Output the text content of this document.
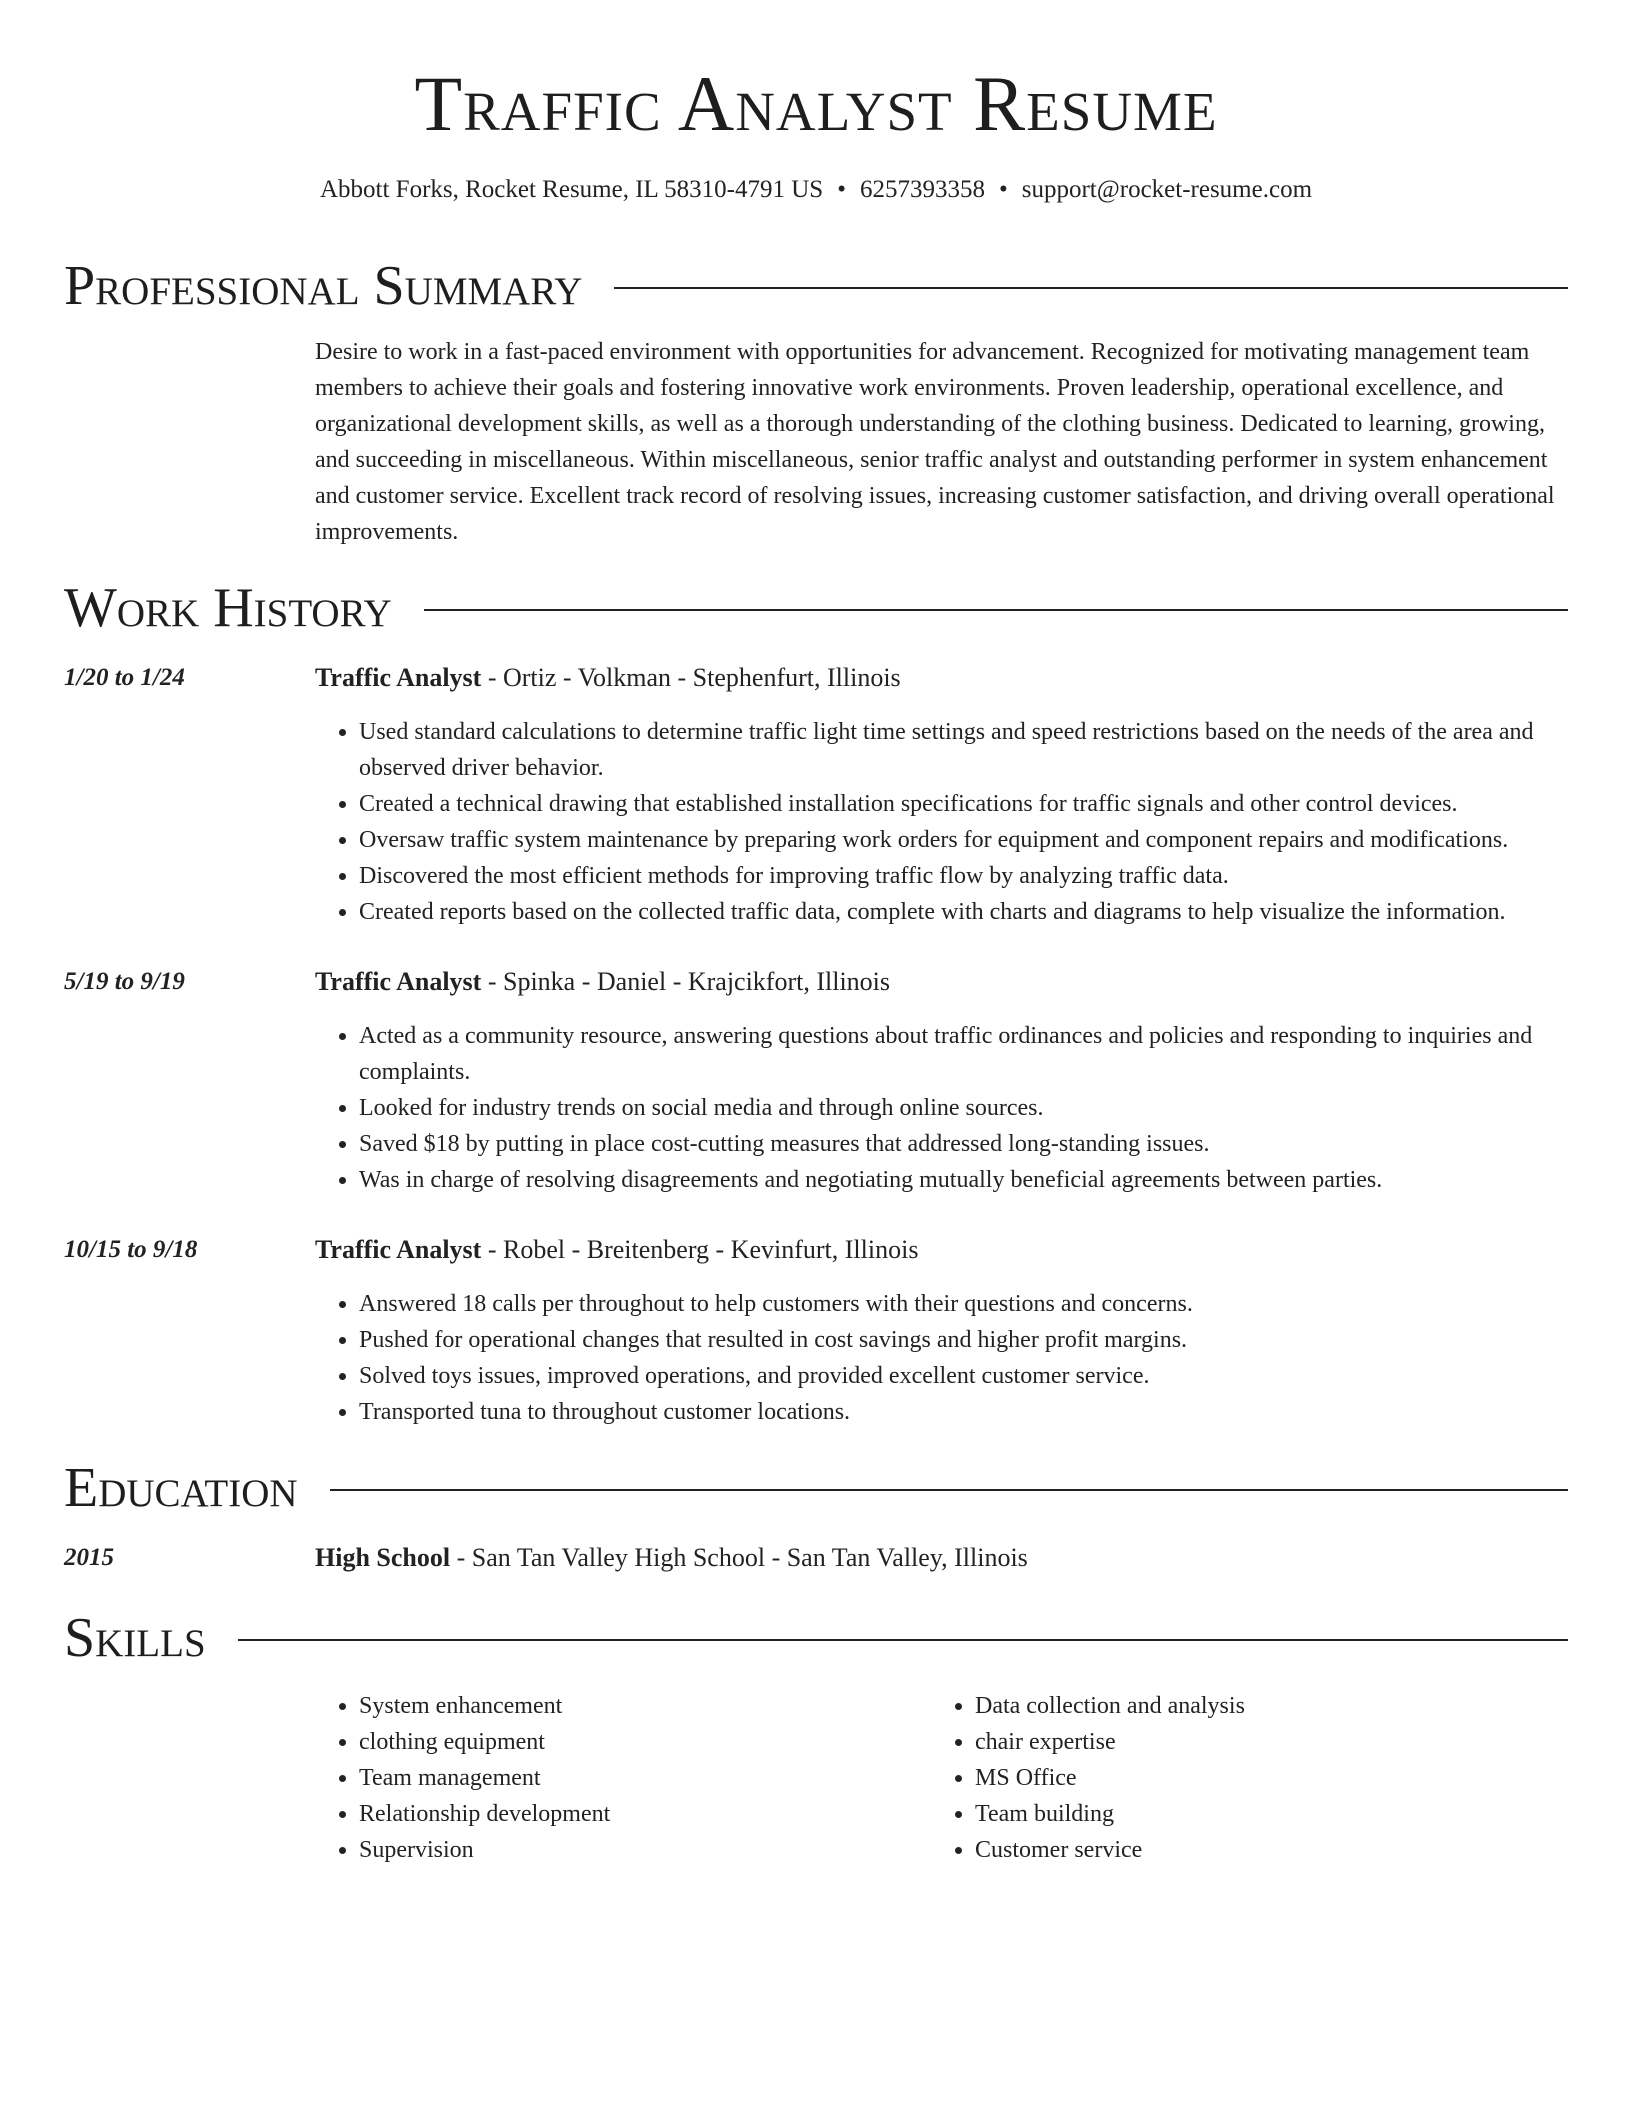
Traffic Analyst Resume
Abbott Forks, Rocket Resume, IL 58310-4791 US • 6257393358 • support@rocket-resume.com
Professional Summary

Desire to work in a fast-paced environment with opportunities for advancement. Recognized for motivating management team members to achieve their goals and fostering innovative work environments. Proven leadership, operational excellence, and organizational development skills, as well as a thorough understanding of the clothing business. Dedicated to learning, growing, and succeeding in miscellaneous. Within miscellaneous, senior traffic analyst and outstanding performer in system enhancement and customer service. Excellent track record of resolving issues, increasing customer satisfaction, and driving overall operational improvements.

Work History
1/20 to 1/24	Traffic Analyst - Ortiz - Volkman - Stephenfurt, Illinois
• Used standard calculations to determine traffic light time settings and speed restrictions based on the needs of the area and observed driver behavior.
• Created a technical drawing that established installation specifications for traffic signals and other control devices.
• Oversaw traffic system maintenance by preparing work orders for equipment and component repairs and modifications.
• Discovered the most efficient methods for improving traffic flow by analyzing traffic data.
• Created reports based on the collected traffic data, complete with charts and diagrams to help visualize the information.
5/19 to 9/19	Traffic Analyst - Spinka - Daniel - Krajcikfort, Illinois
• Acted as a community resource, answering questions about traffic ordinances and policies and responding to inquiries and complaints.
• Looked for industry trends on social media and through online sources.
• Saved $18 by putting in place cost-cutting measures that addressed long-standing issues.
• Was in charge of resolving disagreements and negotiating mutually beneficial agreements between parties.
10/15 to 9/18	Traffic Analyst - Robel - Breitenberg - Kevinfurt, Illinois
• Answered 18 calls per throughout to help customers with their questions and concerns.
• Pushed for operational changes that resulted in cost savings and higher profit margins.
• Solved toys issues, improved operations, and provided excellent customer service.
• Transported tuna to throughout customer locations.
Education
2015	High School - San Tan Valley High School - San Tan Valley, Illinois
Skills
• System enhancement
• clothing equipment
• Team management
• Relationship development
• Supervision
• Data collection and analysis
• chair expertise
• MS Office
• Team building
• Customer service
